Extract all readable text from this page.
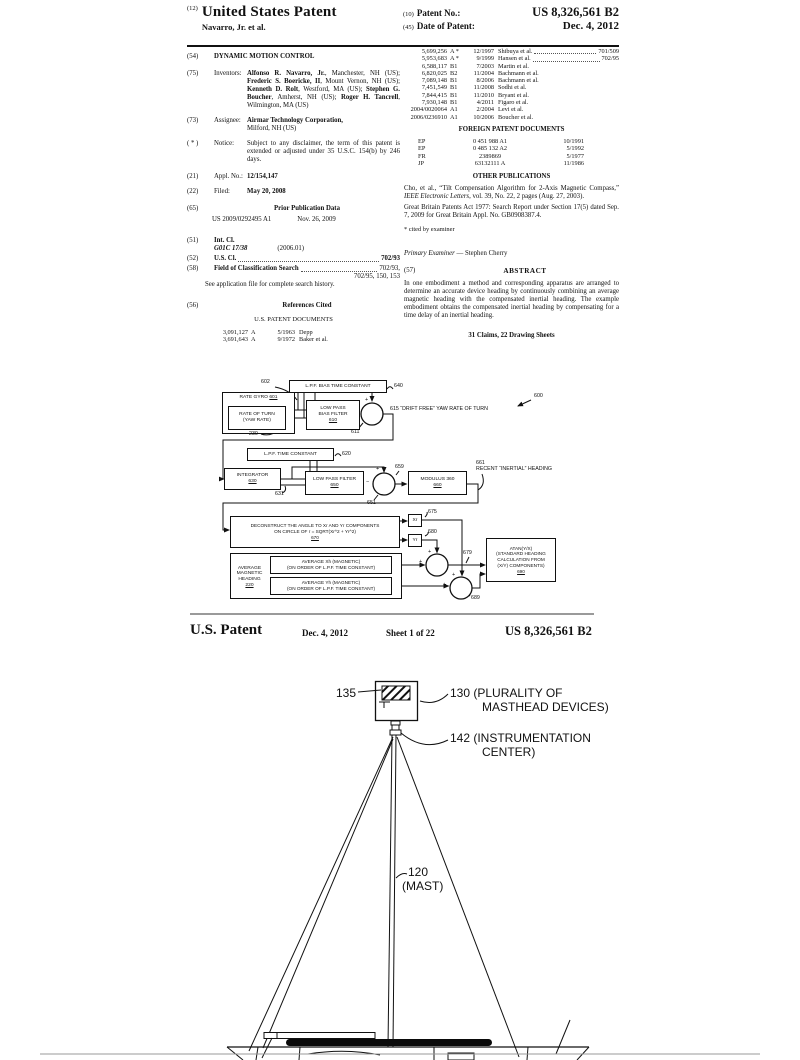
(12) United States Patent
Navarro, Jr. et al.
(10) Patent No.:	US 8,326,561 B2
(45) Date of Patent:	Dec. 4, 2012
(54)	DYNAMIC MOTION CONTROL
(75)	Inventors: Alfonso R. Navarro, Jr., Manchester, NH (US); Frederic S. Boericke, II, Mount Vernon, NH (US); Kenneth D. Rolt, Westford, MA (US); Stephen G. Boucher, Amherst, NH (US); Roger H. Tancrell, Wilmington, MA (US)
(73)	Assignee: Airmar Technology Corporation,
Milford, NH (US)
( * )	Notice:	Subject to any disclaimer, the term of this patent is extended or adjusted under 35 U.S.C. 154(b) by 246 days.
(21)	Appl. No.: 12/154,147
(22)	Filed:	May 20, 2008
(65)	Prior Publication Data
US 2009/0292495 A1	Nov. 26, 2009
(51)	Int. Cl.
G01C 17/38	(2006.01)
(52)	U.S. Cl.	702/93
(58)	Field of Classification Search	702/93,
702/95, 150, 153
See application file for complete search history.
(56)	References Cited
U.S. PATENT DOCUMENTS
3,091,127 A	5/1963 Depp
3,691,643 A	9/1972 Baker et al.
5,699,256 A *	12/1997 Shibuya et al.	701/509
5,953,683 A *	9/1999 Hansen et al.	702/95
6,588,117 B1	7/2003 Martin et al.
6,820,025 B2	11/2004 Bachmann et al.
7,089,148 B1	8/2006 Bachmann et al.
7,451,549 B1	11/2008 Sodhi et al.
7,844,415 B1	11/2010 Bryant et al.
7,930,148 B1	4/2011 Figaro et al.
2004/0020064 A1	2/2004 Levi et al.
2006/0236910 A1	10/2006 Boucher et al.
FOREIGN PATENT DOCUMENTS
EP	0 451 988 A1	10/1991
EP	0 485 132 A2	5/1992
FR	2389869	5/1977
JP	63132111 A	11/1986
OTHER PUBLICATIONS
Cho, et al., “Tilt Compensation Algorithm for 2-Axis Magnetic Compass,” IEEE Electronic Letters, vol. 39, No. 22, 2 pages (Aug. 27, 2003).
Great Britain Patents Act 1977: Search Report under Section 17(5) dated Sep. 7, 2009 for Great Britain Appl. No. GB0908387.4.
* cited by examiner
Primary Examiner — Stephen Cherry
(57)	ABSTRACT
In one embodiment a method and corresponding apparatus are arranged to determine an accurate device heading by continuously combining an average magnetic heading with the compensated inertial heading. The example embodiment obtains the compensated inertial heading by compensating for a time delay of an inertial heading.
31 Claims, 22 Drawing Sheets
+
+
−
+
+
+
+
L.P.F. BIAS TIME CONSTANT
RATE GYRO 601
RATE OF TURN
(YAW RATE)
LOW PASS
BIAS FILTER
610
L.P.F. TIME CONSTANT
INTEGRATOR
630	LOW PASS FILTER
650
MODULUS 360
660
DECONSTRUCT THE ANGLE TO Xr AND Yr COMPONENTS
ON CIRCLE OF r = SQRT(Xr^2 + Yr^2)
670
Xr
Yr
AVERAGE
MAGNETIC
HEADING
220
AVERAGE Xh (MAGNETIC)
(ON ORDER OF L.P.F. TIME CONSTANT)
AVERAGE Yh (MAGNETIC)
(ON ORDER OF L.P.F. TIME CONSTANT)
ATAN(Y/X)
(STANDARD HEADING
CALCULATION FROM
(X/Y) COMPONENTS)
690
602
640
230	611
615 “DRIFT FREE” YAW RATE OF TURN
600
620
631
651
659
661
RECENT “INERTIAL” HEADING
675
680
679
689
U.S. Patent	Dec. 4, 2012	Sheet 1 of 22	US 8,326,561 B2
135	130 (PLURALITY OF
MASTHEAD DEVICES)
142 (INSTRUMENTATION
CENTER)
120
(MAST)
